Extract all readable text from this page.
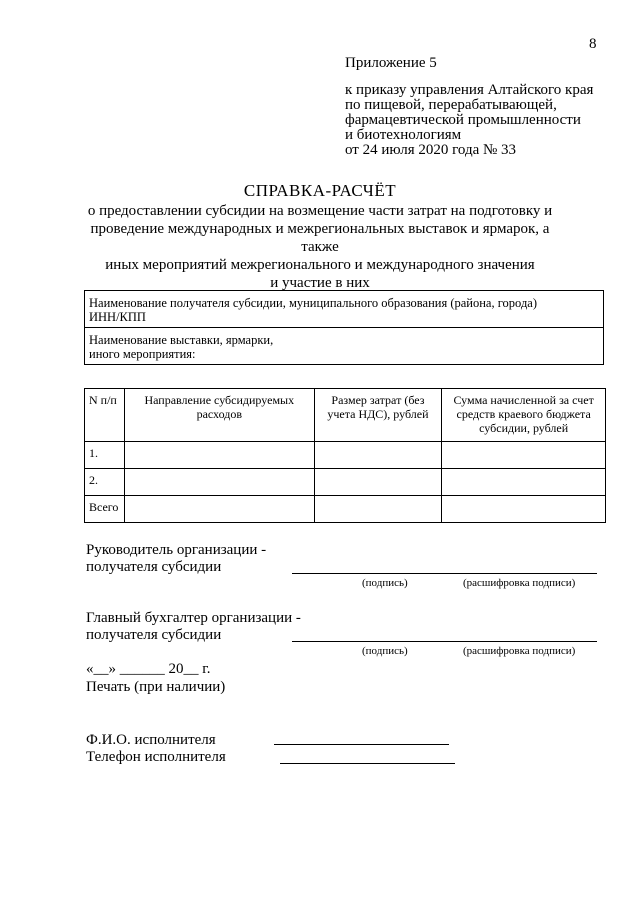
8
Приложение 5
к приказу управления Алтайского края
по пищевой, перерабатывающей,
фармацевтической промышленности
и биотехнологиям
от 24 июля 2020 года № 33
СПРАВКА-РАСЧЁТ
о предоставлении субсидии на возмещение части затрат на подготовку и
проведение международных и межрегиональных выставок и ярмарок, а также
иных мероприятий межрегионального и международного значения
и участие в них
Наименование получателя субсидии, муниципального образования (района, города)
ИНН/КПП

Наименование выставки, ярмарки,
иного мероприятия:
N п/п	Направление субсидируемых расходов	Размер затрат (без учета НДС), рублей	Сумма начисленной за счет средств краевого бюджета субсидии, рублей
1.			
2.			
Всего			
Руководитель организации -
получателя субсидии
(подпись)	(расшифровка подписи)
Главный бухгалтер организации -
получателя субсидии
(подпись)	(расшифровка подписи)
«__» ______ 20__ г.
Печать (при наличии)
Ф.И.О. исполнителя
Телефон исполнителя
